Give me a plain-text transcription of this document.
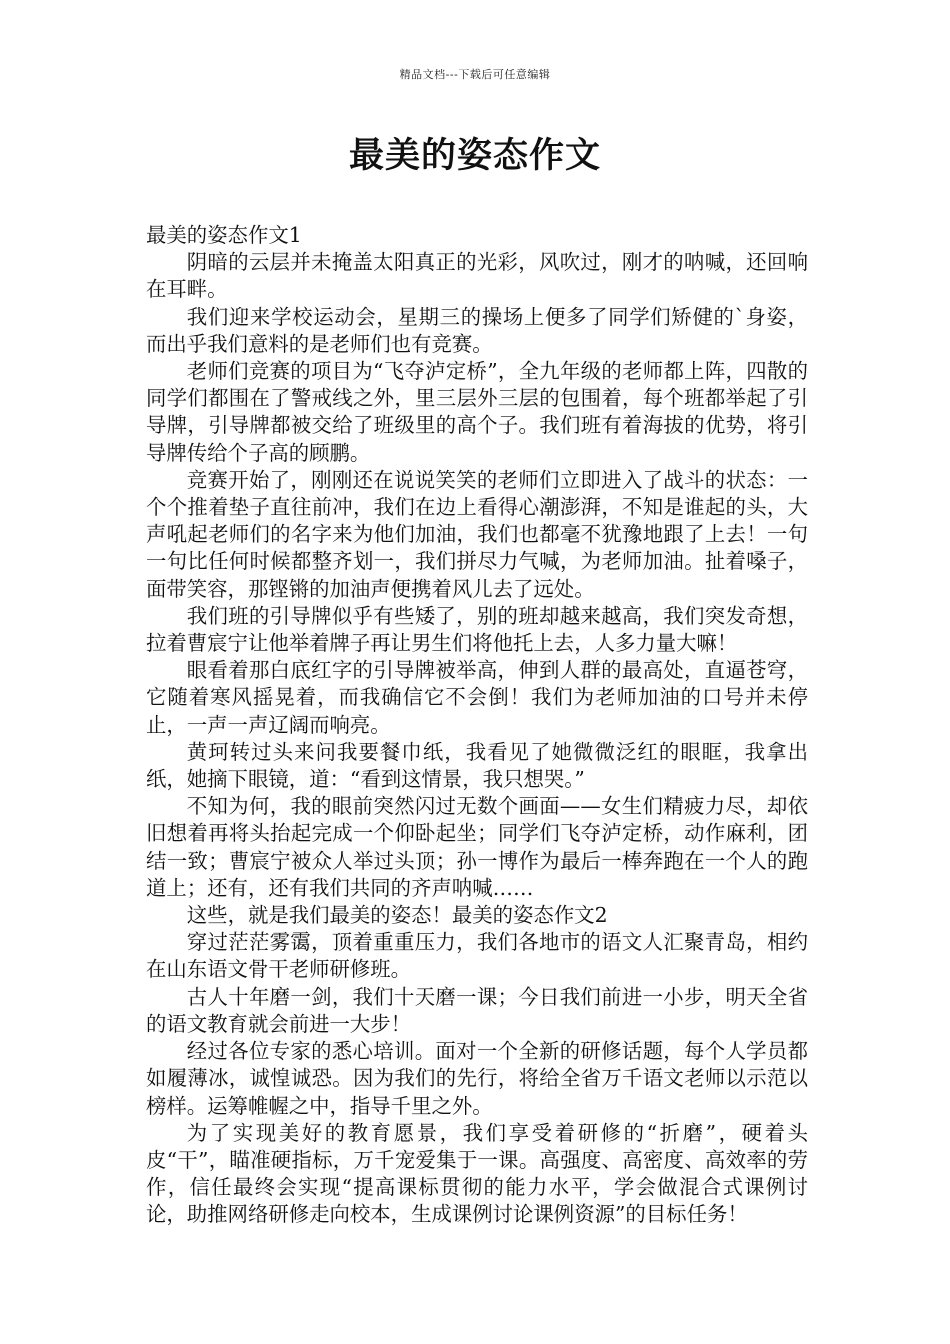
精品文档---下载后可任意编辑
最美的姿态作文

最美的姿态作文1

阴暗的云层并未掩盖太阳真正的光彩，风吹过，刚才的呐喊，还回响在耳畔。

我们迎来学校运动会，星期三的操场上便多了同学们矫健的`身姿，而出乎我们意料的是老师们也有竞赛。

老师们竞赛的项目为“飞夺泸定桥”，全九年级的老师都上阵，四散的同学们都围在了警戒线之外，里三层外三层的包围着，每个班都举起了引导牌，引导牌都被交给了班级里的高个子。我们班有着海拔的优势，将引导牌传给个子高的顾鹏。

竞赛开始了，刚刚还在说说笑笑的老师们立即进入了战斗的状态：一个个推着垫子直往前冲，我们在边上看得心潮澎湃，不知是谁起的头，大声吼起老师们的名字来为他们加油，我们也都毫不犹豫地跟了上去！一句一句比任何时候都整齐划一，我们拼尽力气喊，为老师加油。扯着嗓子，面带笑容，那铿锵的加油声便携着风儿去了远处。

我们班的引导牌似乎有些矮了，别的班却越来越高，我们突发奇想，拉着曹宸宁让他举着牌子再让男生们将他托上去，人多力量大嘛！

眼看着那白底红字的引导牌被举高，伸到人群的最高处，直逼苍穹，它随着寒风摇晃着，而我确信它不会倒！我们为老师加油的口号并未停止，一声一声辽阔而响亮。

黄珂转过头来问我要餐巾纸，我看见了她微微泛红的眼眶，我拿出纸，她摘下眼镜，道：“看到这情景，我只想哭。”

不知为何，我的眼前突然闪过无数个画面——女生们精疲力尽，却依旧想着再将头抬起完成一个仰卧起坐；同学们飞夺泸定桥，动作麻利，团结一致；曹宸宁被众人举过头顶；孙一博作为最后一棒奔跑在一个人的跑道上；还有，还有我们共同的齐声呐喊……

这些，就是我们最美的姿态！最美的姿态作文2

穿过茫茫雾霭，顶着重重压力，我们各地市的语文人汇聚青岛，相约在山东语文骨干老师研修班。

古人十年磨一剑，我们十天磨一课；今日我们前进一小步，明天全省的语文教育就会前进一大步！

经过各位专家的悉心培训。面对一个全新的研修话题，每个人学员都如履薄冰，诚惶诚恐。因为我们的先行，将给全省万千语文老师以示范以榜样。运筹帷幄之中，指导千里之外。

为了实现美好的教育愿景，我们享受着研修的“折磨”，硬着头皮“干”，瞄准硬指标，万千宠爱集于一课。高强度、高密度、高效率的劳作，信任最终会实现“提高课标贯彻的能力水平，学会做混合式课例讨论，助推网络研修走向校本，生成课例讨论课例资源”的目标任务！
